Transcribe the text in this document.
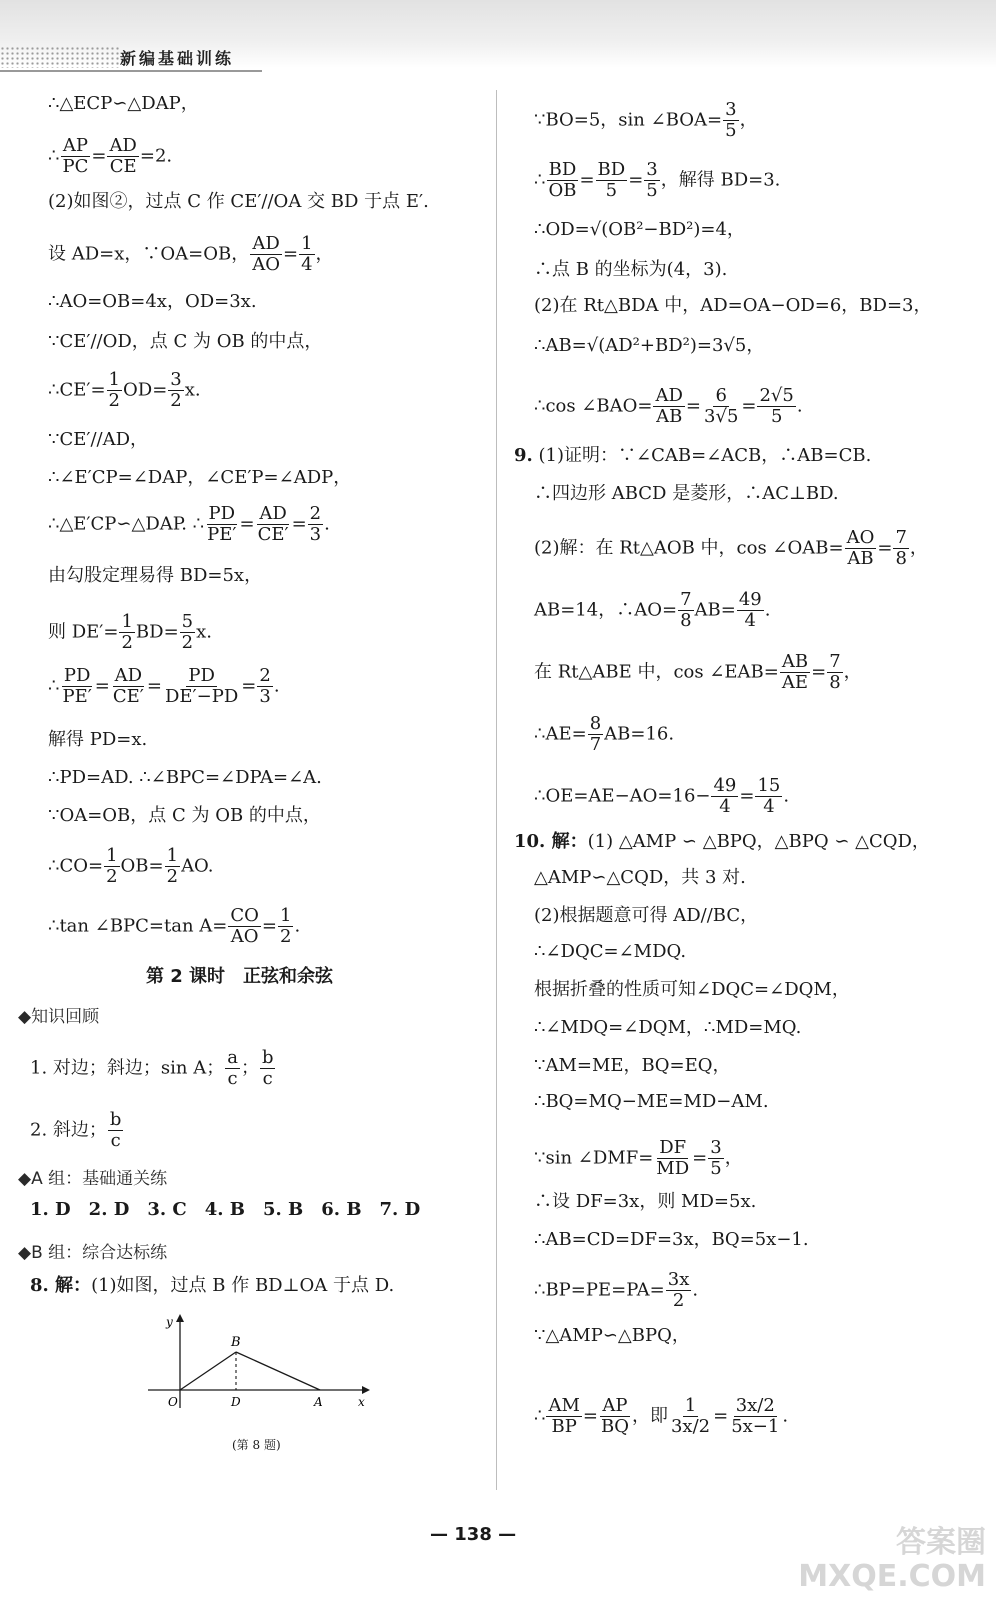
新编基础训练
∴△ECP∽△DAP，
∴ $\frac{AP}{PC} = \frac{AD}{CE} =2$.
(2)如图②，过点 C 作 CE′//OA 交 BD 于点 E′.
设 AD=x，∵OA=OB， $\frac{AD}{AO} = \frac{1}{4}$ ，
∴AO=OB=4x，OD=3x.
∵CE′//OD，点 C 为 OB 的中点，
∴CE′= $\frac{1}{2} OD= \frac{3}{2} x$.
∵CE′//AD，
∴∠E′CP=∠DAP，∠CE′P=∠ADP，
∴△E′CP∽△DAP. ∴ $\frac{PD}{PE'} = \frac{AD}{CE'} = \frac{2}{3}$ .
由勾股定理易得 BD=5x，
则 $DE'= \frac{1}{2} BD= \frac{5}{2} x$.
∴ $\frac{PD}{PE'} = \frac{AD}{CE'} = \frac{PD}{DE'-PD} = \frac{2}{3}$ .
解得 PD=x.
∴PD=AD. ∴∠BPC=∠DPA=∠A.
∵OA=OB，点 C 为 OB 的中点，
∴CO= $\frac{1}{2} OB= \frac{1}{2}$ AO.
∴tan ∠BPC=tan $A= \frac{CO}{AO} = \frac{1}{2}$ .
第 2 课时　正弦和余弦
◆知识回顾
1. 对边；斜边；sin A； $\frac{a}{c}$ ； $\frac{b}{c}$
2. 斜边； $\frac{b}{c}$
◆A 组：基础通关练
1. D　2. D　3. C　4. B　5. B　6. B　7. D
◆B 组：综合达标练
8. 解：(1)如图，过点 B 作 BD⊥OA 于点 D.
y
x
O
B
D	A
(第 8 题)
∵BO=5，sin ∠BOA= $\frac{3}{5}$ ，
∴ $\frac{BD}{OB} = \frac{BD}{5} = \frac{3}{5}$ ，解得 BD=3.
∴OD=√(OB²−BD²)=4，
∴点 B 的坐标为(4，3).
(2)在 Rt△BDA 中，AD=OA−OD=6，BD=3，
∴AB=√(AD²+BD²)=3√5，
∴cos ∠BAO= $\frac{AD}{AB} = \frac{6}{3√5} = \frac{2√5}{5}$ .
9. (1)证明：∵∠CAB=∠ACB，∴AB=CB.
∴四边形 ABCD 是菱形，∴AC⊥BD.
(2)解：在 Rt△AOB 中，cos ∠OAB= $\frac{AO}{AB} = \frac{7}{8}$ ，
AB=14，∴AO= $\frac{7}{8} AB= \frac{49}{4}$ .
在 Rt△ABE 中，cos ∠EAB= $\frac{AB}{AE} = \frac{7}{8}$ ，
∴AE= $\frac{8}{7} AB=16$.
∴OE=AE−AO=16− $\frac{49}{4} = \frac{15}{4}$ .
10. 解：(1) △AMP ∽ △BPQ，△BPQ ∽ △CQD，
△AMP∽△CQD，共 3 对.
(2)根据题意可得 AD//BC，
∴∠DQC=∠MDQ.
根据折叠的性质可知∠DQC=∠DQM，
∴∠MDQ=∠DQM，∴MD=MQ.
∵AM=ME，BQ=EQ，
∴BQ=MQ−ME=MD−AM.
∵sin ∠DMF= $\frac{DF}{MD} = \frac{3}{5}$ ，
∴设 DF=3x，则 MD=5x.
∴AB=CD=DF=3x，BQ=5x−1.
∴BP=PE=PA= $\frac{3x}{2}$ .
∵△AMP∽△BPQ，
∴ $\frac{AM}{BP} = \frac{AP}{BQ}$ ，即 $\frac{1}{3x/2} = \frac{3x/2}{5x-1}$ .
— 138 —	答案圈
MXQE.COM
